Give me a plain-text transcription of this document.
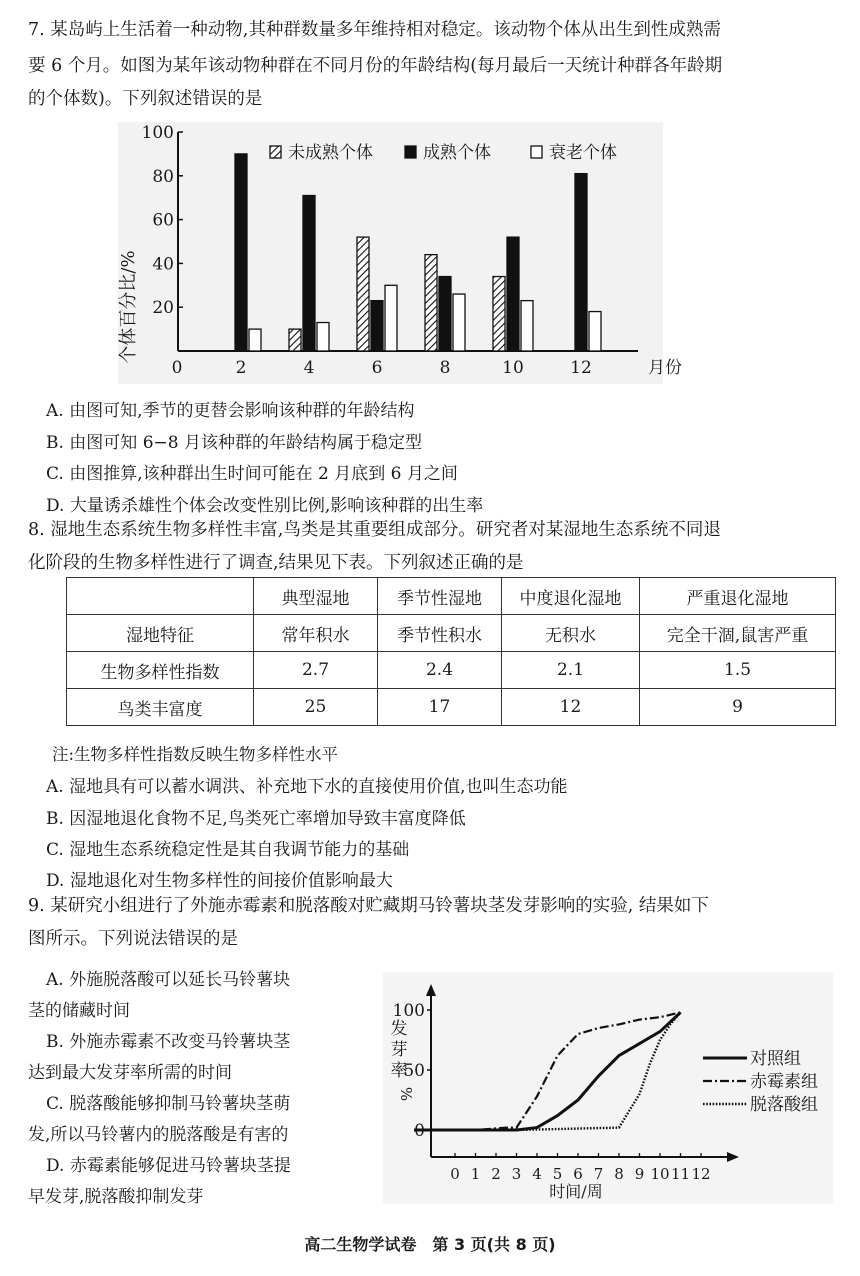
7. 某岛屿上生活着一种动物,其种群数量多年维持相对稳定。该动物个体从出生到性成熟需
要 6 个月。如图为某年该动物种群在不同月份的年龄结构(每月最后一天统计种群各年龄期
的个体数)。下列叙述错误的是
20
40
60
80
100
2	4	6	8	10	12
未成熟个体	成熟个体	衰老个体
个体百分比/%
月份
0
A. 由图可知,季节的更替会影响该种群的年龄结构
B. 由图可知 6−8 月该种群的年龄结构属于稳定型
C. 由图推算,该种群出生时间可能在 2 月底到 6 月之间
D. 大量诱杀雄性个体会改变性别比例,影响该种群的出生率
8. 湿地生态系统生物多样性丰富,鸟类是其重要组成部分。研究者对某湿地生态系统不同退
化阶段的生物多样性进行了调查,结果见下表。下列叙述正确的是
	典型湿地	季节性湿地	中度退化湿地	严重退化湿地
湿地特征	常年积水	季节性积水	无积水	完全干涸,鼠害严重
生物多样性指数	2.7	2.4	2.1	1.5
鸟类丰富度	25	17	12	9
注:生物多样性指数反映生物多样性水平
A. 湿地具有可以蓄水调洪、补充地下水的直接使用价值,也叫生态功能
B. 因湿地退化食物不足,鸟类死亡率增加导致丰富度降低
C. 湿地生态系统稳定性是其自我调节能力的基础
D. 湿地退化对生物多样性的间接价值影响最大
9. 某研究小组进行了外施赤霉素和脱落酸对贮藏期马铃薯块茎发芽影响的实验, 结果如下
图所示。下列说法错误的是
A. 外施脱落酸可以延长马铃薯块
茎的储藏时间
B. 外施赤霉素不改变马铃薯块茎
达到最大发芽率所需的时间
C. 脱落酸能够抑制马铃薯块茎萌
发,所以马铃薯内的脱落酸是有害的
D. 赤霉素能够促进马铃薯块茎提
早发芽,脱落酸抑制发芽
0
50
100
0 1 2 3 4 5 6 7 8 9 10 11 12
对照组
赤霉素组
脱落酸组
发
芽
率
%
时间/周
高二生物学试卷　第 3 页(共 8 页)
